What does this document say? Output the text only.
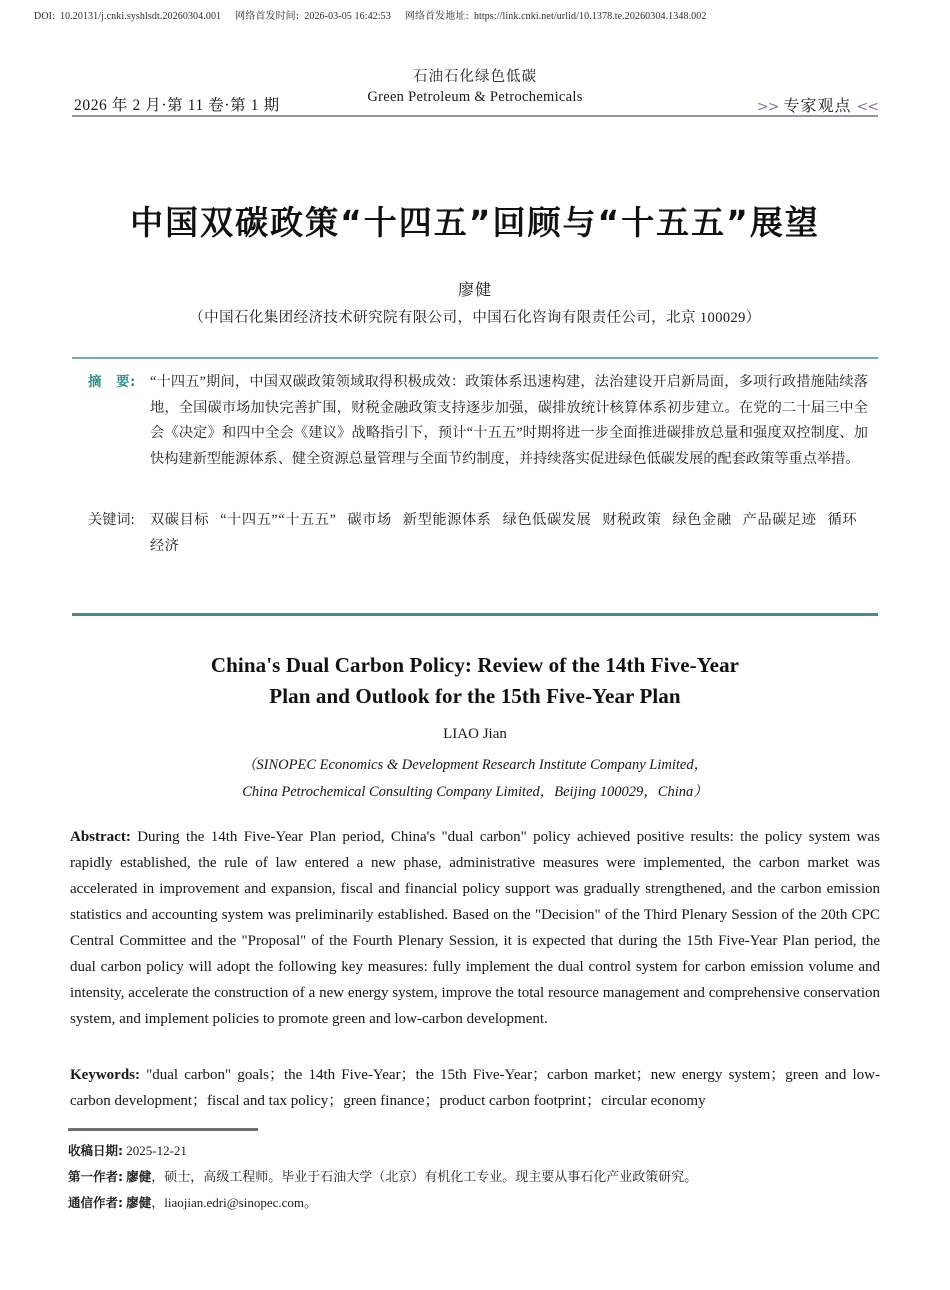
DOI: 10.20131/j.cnki.syshlsdt.20260304.001 网络首发时间: 2026-03-05 16:42:53 网络首发地址: https://link.cnki.net/urlid/10.1378.te.20260304.1348.002
2026 年 2 月·第 11 卷·第 1 期
石油石化绿色低碳
Green Petroleum & Petrochemicals
>> 专家观点 <<
中国双碳政策“十四五”回顾与“十五五”展望
廖健
（中国石化集团经济技术研究院有限公司，中国石化咨询有限责任公司，北京 100029）
摘　要: “十四五”期间，中国双碳政策领域取得积极成效：政策体系迅速构建，法治建设开启新局面，多项行政措施陆续落地，全国碳市场加快完善扩围，财税金融政策支持逐步加强，碳排放统计核算体系初步建立。在党的二十届三中全会《决定》和四中全会《建议》战略指引下，预计“十五五”时期将进一步全面推进碳排放总量和强度双控制度、加快构建新型能源体系、健全资源总量管理与全面节约制度，并持续落实促进绿色低碳发展的配套政策等重点举措。
关键词:	双碳目标 “十四五”“十五五” 碳市场 新型能源体系 绿色低碳发展 财税政策 绿色金融 产品碳足迹 循环经济
China's Dual Carbon Policy: Review of the 14th Five-Year
Plan and Outlook for the 15th Five-Year Plan
LIAO Jian
（SINOPEC Economics & Development Research Institute Company Limited，
China Petrochemical Consulting Company Limited，Beijing 100029，China）
Abstract: During the 14th Five-Year Plan period, China's "dual carbon" policy achieved positive results: the policy system was rapidly established, the rule of law entered a new phase, administrative measures were implemented, the carbon market was accelerated in improvement and expansion, fiscal and financial policy support was gradually strengthened, and the carbon emission statistics and accounting system was preliminarily established. Based on the "Decision" of the Third Plenary Session of the 20th CPC Central Committee and the "Proposal" of the Fourth Plenary Session, it is expected that during the 15th Five-Year Plan period, the dual carbon policy will adopt the following key measures: fully implement the dual control system for carbon emission volume and intensity, accelerate the construction of a new energy system, improve the total resource management and comprehensive conservation system, and implement policies to promote green and low-carbon development.
Keywords: "dual carbon" goals；the 14th Five-Year；the 15th Five-Year；carbon market；new energy system；green and low-carbon development；fiscal and tax policy；green finance；product carbon footprint；circular economy
收稿日期: 2025-12-21
第一作者: 廖健，硕士，高级工程师。毕业于石油大学（北京）有机化工专业。现主要从事石化产业政策研究。
通信作者: 廖健，liaojian.edri@sinopec.com。
